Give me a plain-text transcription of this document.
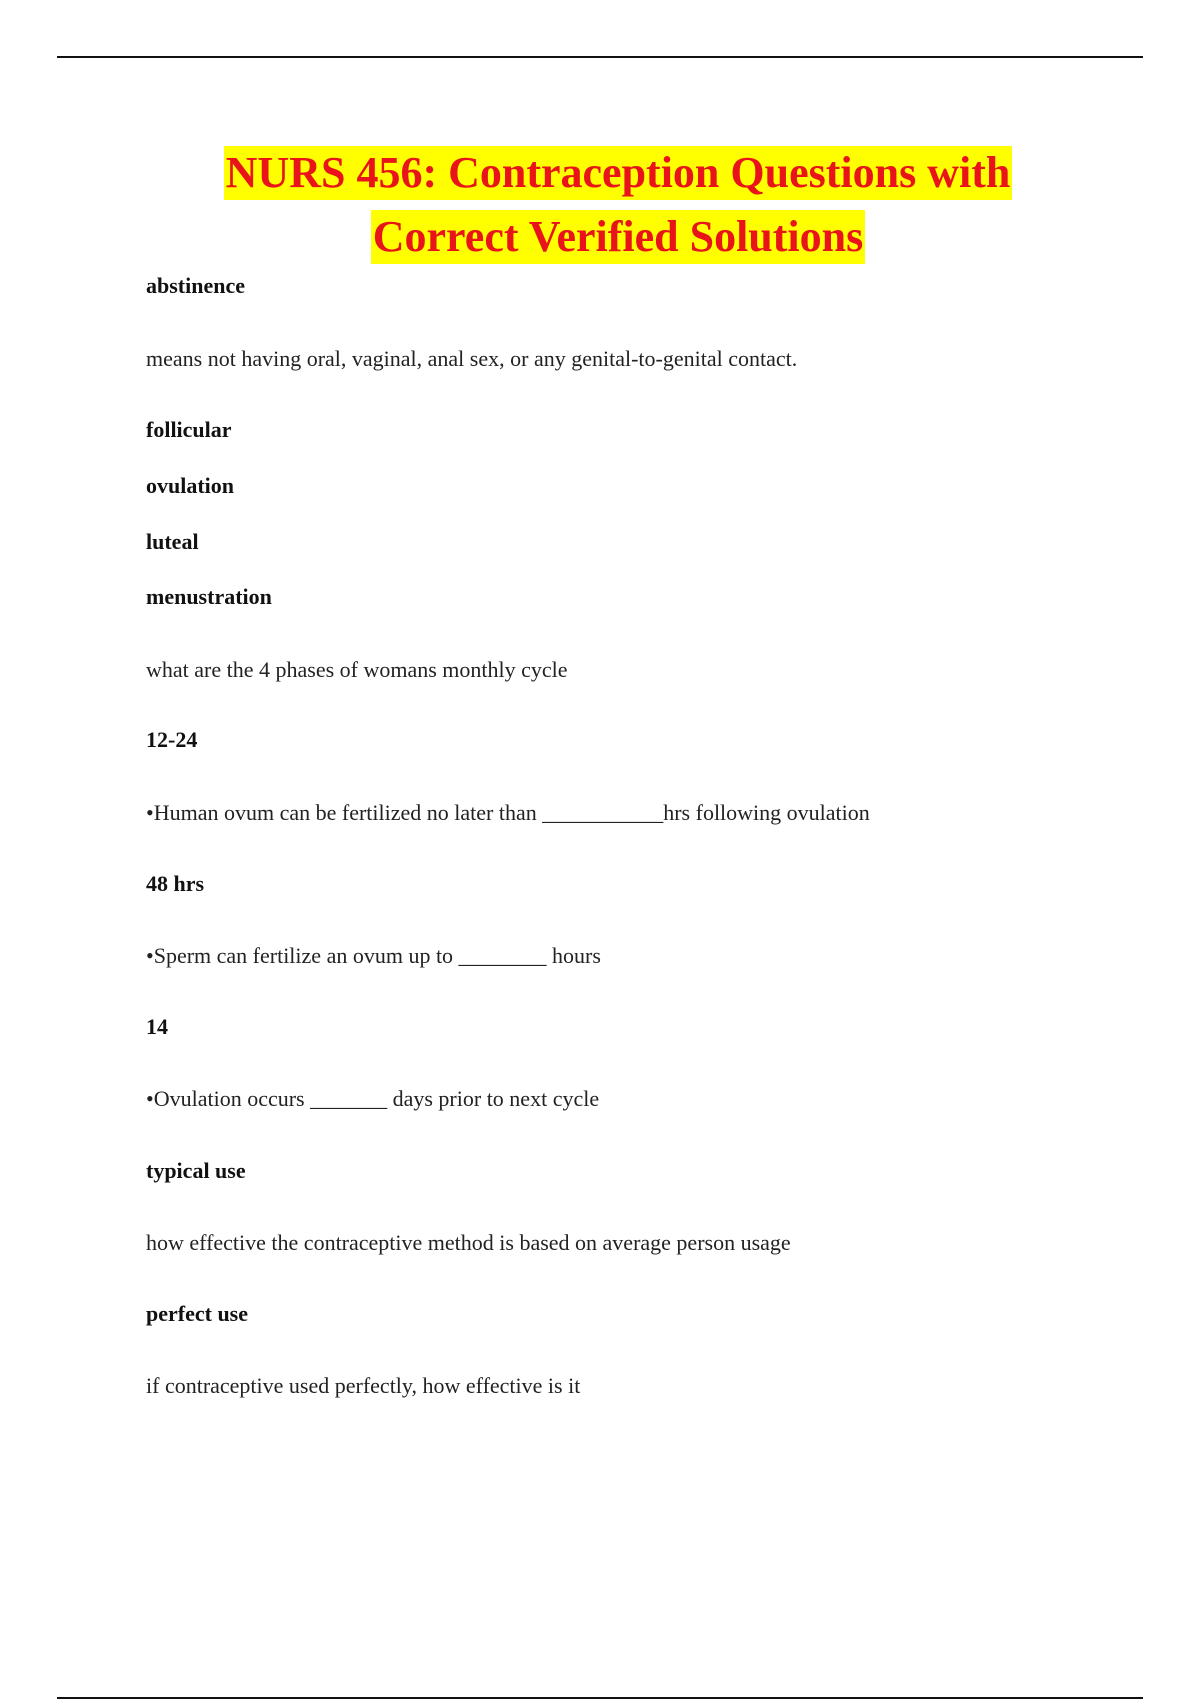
NURS 456: Contraception Questions with
Correct Verified Solutions
abstinence
means not having oral, vaginal, anal sex, or any genital-to-genital contact.
follicular
ovulation
luteal
menustration
what are the 4 phases of womans monthly cycle
12-24
•Human ovum can be fertilized no later than ___________hrs following ovulation
48 hrs
•Sperm can fertilize an ovum up to ________ hours
14
•Ovulation occurs _______ days prior to next cycle
typical use
how effective the contraceptive method is based on average person usage
perfect use
if contraceptive used perfectly, how effective is it
